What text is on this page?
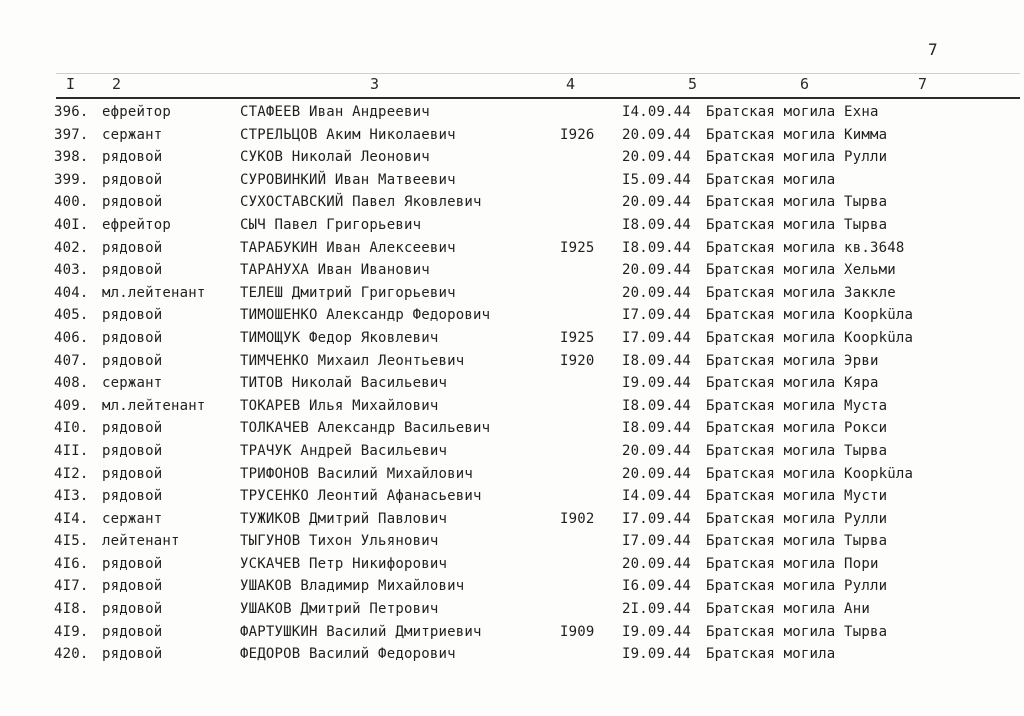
7
I 2	3	4	5	6	7
396. ефрейтор	СТАФЕЕВ Иван Андреевич	I4.09.44 Братская могила Ехна
397. сержант	СТРЕЛЬЦОВ Аким Николаевич	I926 20.09.44 Братская могила Кимма
398. рядовой	СУКОВ Николай Леонович	20.09.44 Братская могила Рулли
399. рядовой	СУРОВИНКИЙ Иван Матвеевич	I5.09.44 Братская могила
400. рядовой	СУХОСТАВСКИЙ Павел Яковлевич	20.09.44 Братская могила Тырва
40I. ефрейтор	СЫЧ Павел Григорьевич	I8.09.44 Братская могила Тырва
402. рядовой	ТАРАБУКИН Иван Алексеевич	I925 I8.09.44 Братская могила кв.3648
403. рядовой	ТАРАНУХА Иван Иванович	20.09.44 Братская могила Хельми
404. мл.лейтенант ТЕЛЕШ Дмитрий Григорьевич	20.09.44 Братская могила Заккле
405. рядовой	ТИМОШЕНКО Александр Федорович	I7.09.44 Братская могила Коорküла
406. рядовой	ТИМОЩУК Федор Яковлевич	I925 I7.09.44 Братская могила Коорküла
407. рядовой	ТИМЧЕНКО Михаил Леонтьевич	I920 I8.09.44 Братская могила Эрви
408. сержант	ТИТОВ Николай Васильевич	I9.09.44 Братская могила Кяра
409. мл.лейтенант ТОКАРЕВ Илья Михайлович	I8.09.44 Братская могила Муста
4I0. рядовой	ТОЛКАЧЕВ Александр Васильевич	I8.09.44 Братская могила Рокси
4II. рядовой	ТРАЧУК Андрей Васильевич	20.09.44 Братская могила Тырва
4I2. рядовой	ТРИФОНОВ Василий Михайлович	20.09.44 Братская могила Коорküла
4I3. рядовой	ТРУСЕНКО Леонтий Афанасьевич	I4.09.44 Братская могила Мусти
4I4. сержант	ТУЖИКОВ Дмитрий Павлович	I902 I7.09.44 Братская могила Рулли
4I5. лейтенант	ТЫГУНОВ Тихон Ульянович	I7.09.44 Братская могила Тырва
4I6. рядовой	УСКАЧЕВ Петр Никифорович	20.09.44 Братская могила Пори
4I7. рядовой	УШАКОВ Владимир Михайлович	I6.09.44 Братская могила Рулли
4I8. рядовой	УШАКОВ Дмитрий Петрович	2I.09.44 Братская могила Ани
4I9. рядовой	ФАРТУШКИН Василий Дмитриевич	I909 I9.09.44 Братская могила Тырва
420. рядовой	ФЕДОРОВ Василий Федорович	I9.09.44 Братская могила
